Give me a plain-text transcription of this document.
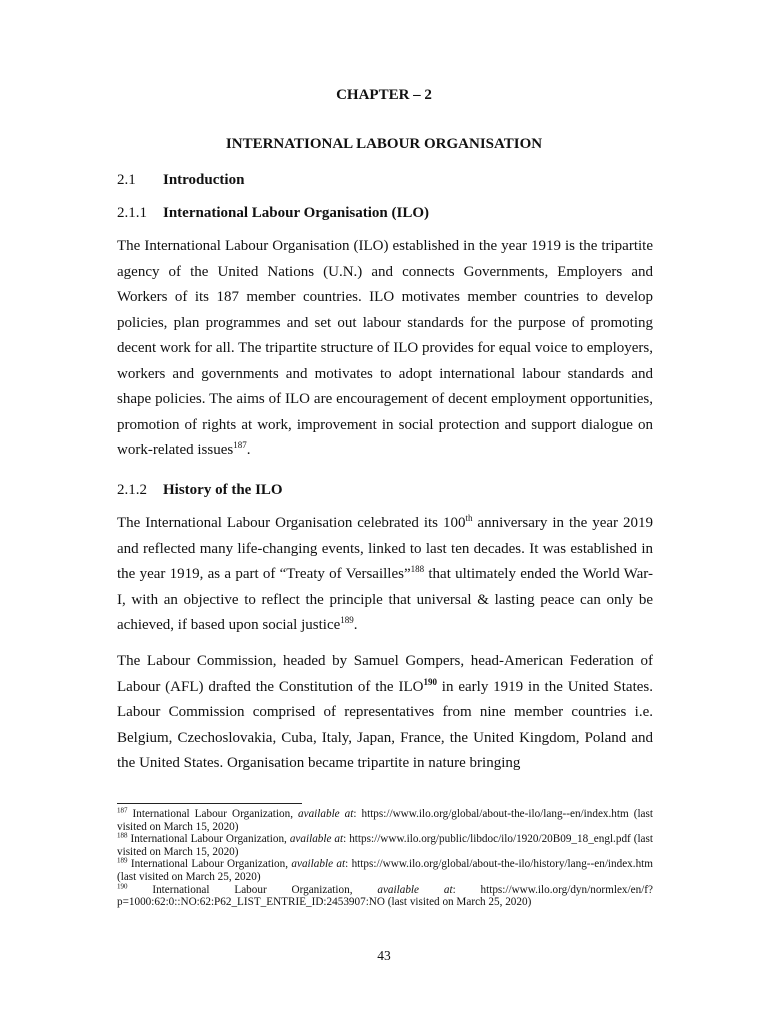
CHAPTER – 2
INTERNATIONAL LABOUR ORGANISATION
2.1 Introduction
2.1.1 International Labour Organisation (ILO)

The International Labour Organisation (ILO) established in the year 1919 is the tripartite agency of the United Nations (U.N.) and connects Governments, Employers and Workers of its 187 member countries. ILO motivates member countries to develop policies, plan programmes and set out labour standards for the purpose of promoting decent work for all. The tripartite structure of ILO provides for equal voice to employers, workers and governments and motivates to adopt international labour standards and shape policies. The aims of ILO are encouragement of decent employment opportunities, promotion of rights at work, improvement in social protection and support dialogue on work-related issues$^{187}$.

2.1.2 History of the ILO

The International Labour Organisation celebrated its 100th anniversary in the year 2019 and reflected many life-changing events, linked to last ten decades. It was established in the year 1919, as a part of “Treaty of Versailles”$^{188}$ that ultimately ended the World War-I, with an objective to reflect the principle that universal & lasting peace can only be achieved, if based upon social justice$^{189}$.

The Labour Commission, headed by Samuel Gompers, head-American Federation of Labour (AFL) drafted the Constitution of the ILO$^{190}$ in early 1919 in the United States. Labour Commission comprised of representatives from nine member countries i.e. Belgium, Czechoslovakia, Cuba, Italy, Japan, France, the United Kingdom, Poland and the United States. Organisation became tripartite in nature bringing

$^{187}$ International Labour Organization, available at: https://www.ilo.org/global/about-the-ilo/lang--en/index.htm (last visited on March 15, 2020)

$^{188}$ International Labour Organization, available at: https://www.ilo.org/public/libdoc/ilo/1920/20B09_18_engl.pdf (last visited on March 15, 2020)

$^{189}$ International Labour Organization, available at: https://www.ilo.org/global/about-the-ilo/history/lang--en/index.htm (last visited on March 25, 2020)

$^{190}$ International Labour Organization, available at: https://www.ilo.org/dyn/normlex/en/f?p=1000:62:0::NO:62:P62_LIST_ENTRIE_ID:2453907:NO (last visited on March 25, 2020)

43
